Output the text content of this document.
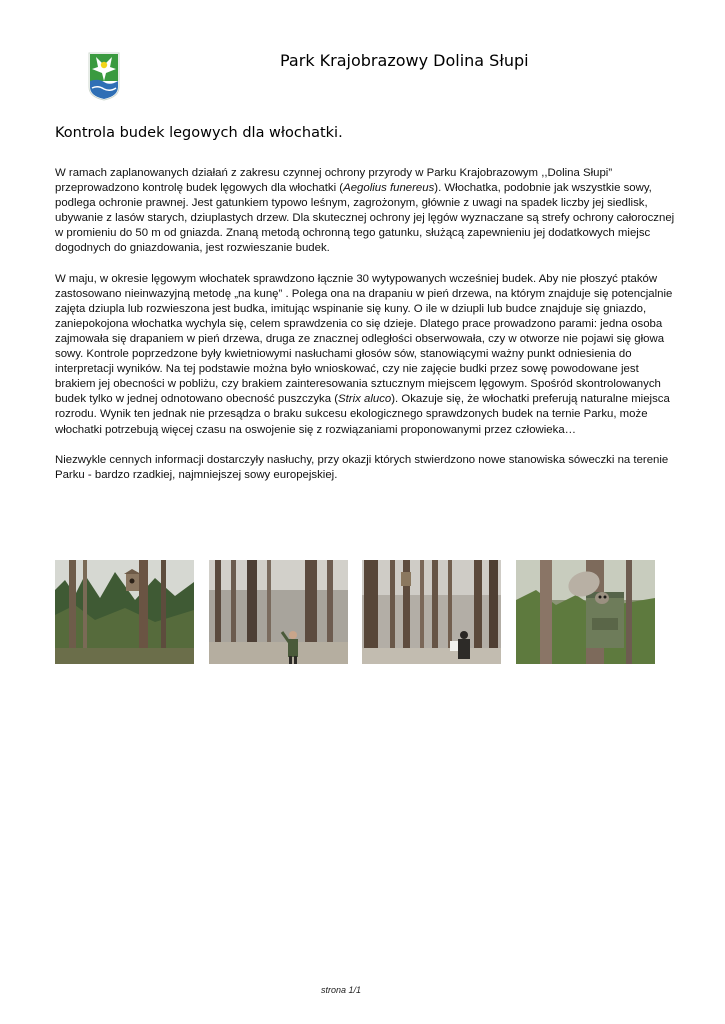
Park Krajobrazowy Dolina Słupi
Kontrola budek legowych dla włochatki.

W ramach zaplanowanych działań z zakresu czynnej ochrony przyrody w Parku Krajobrazowym ,,Dolina Słupi” przeprowadzono kontrolę budek lęgowych dla włochatki (Aegolius funereus). Włochatka, podobnie jak wszystkie sowy, podlega ochronie prawnej. Jest gatunkiem typowo leśnym, zagrożonym, głównie z uwagi na spadek liczby jej siedlisk, ubywanie z lasów starych, dziuplastych drzew. Dla skutecznej ochrony jej lęgów wyznaczane są strefy ochrony całorocznej w promieniu do 50 m od gniazda. Znaną metodą ochronną tego gatunku, służącą zapewnieniu jej dodatkowych miejsc dogodnych do gniazdowania, jest rozwieszanie budek.

W maju, w okresie lęgowym włochatek sprawdzono łącznie 30 wytypowanych wcześniej budek. Aby nie płoszyć ptaków zastosowano nieinwazyjną metodę „na kunę” . Polega ona na drapaniu w pień drzewa, na którym znajduje się potencjalnie zajęta dziupla lub rozwieszona jest budka, imitując wspinanie się kuny. O ile w dziupli lub budce znajduje się gniazdo, zaniepokojona włochatka wychyla się, celem sprawdzenia co się dzieje. Dlatego prace prowadzono parami: jedna osoba zajmowała się drapaniem w pień drzewa, druga ze znacznej odległości obserwowała, czy w otworze nie pojawi się głowa sowy. Kontrole poprzedzone były kwietniowymi nasłuchami głosów sów, stanowiącymi ważny punkt odniesienia do interpretacji wyników. Na tej podstawie można było wnioskować, czy nie zajęcie budki przez sowę powodowane jest brakiem jej obecności w pobliżu, czy brakiem zainteresowania sztucznym miejscem lęgowym. Spośród skontrolowanych budek tylko w jednej odnotowano obecność puszczyka (Strix aluco). Okazuje się, że włochatki preferują naturalne miejsca rozrodu. Wynik ten jednak nie przesądza o braku sukcesu ekologicznego sprawdzonych budek na ternie Parku, może włochatki potrzebują więcej czasu na oswojenie się z rozwiązaniami proponowanymi przez człowieka…

Niezwykle cennych informacji dostarczyły nasłuchy, przy okazji których stwierdzono nowe stanowiska sóweczki na terenie Parku - bardzo rzadkiej, najmniejszej sowy europejskiej.

strona 1/1
